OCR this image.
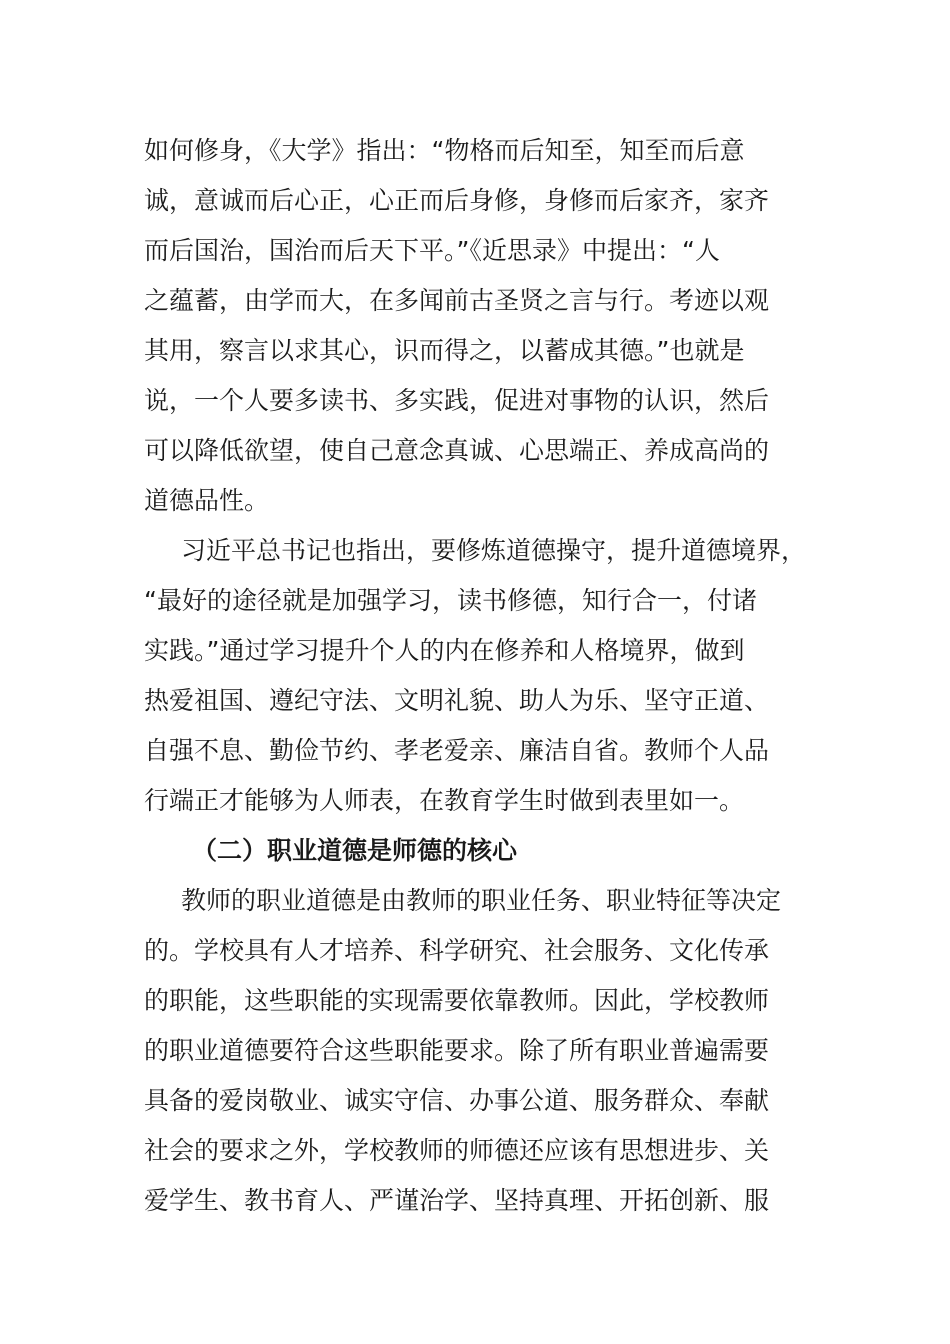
如何修身，《大学》指出：“物格而后知至，知至而后意
诚，意诚而后心正，心正而后身修，身修而后家齐，家齐
而后国治，国治而后天下平。”《近思录》中提出：“人
之蕴蓄，由学而大，在多闻前古圣贤之言与行。考迹以观
其用，察言以求其心，识而得之，以蓄成其德。”也就是
说，一个人要多读书、多实践，促进对事物的认识，然后
可以降低欲望，使自己意念真诚、心思端正、养成高尚的
道德品性。
习近平总书记也指出，要修炼道德操守，提升道德境界，
“最好的途径就是加强学习，读书修德，知行合一，付诸
实践。”通过学习提升个人的内在修养和人格境界，做到
热爱祖国、遵纪守法、文明礼貌、助人为乐、坚守正道、
自强不息、勤俭节约、孝老爱亲、廉洁自省。教师个人品
行端正才能够为人师表，在教育学生时做到表里如一。
（二）职业道德是师德的核心
教师的职业道德是由教师的职业任务、职业特征等决定
的。学校具有人才培养、科学研究、社会服务、文化传承
的职能，这些职能的实现需要依靠教师。因此，学校教师
的职业道德要符合这些职能要求。除了所有职业普遍需要
具备的爱岗敬业、诚实守信、办事公道、服务群众、奉献
社会的要求之外，学校教师的师德还应该有思想进步、关
爱学生、教书育人、严谨治学、坚持真理、开拓创新、服
